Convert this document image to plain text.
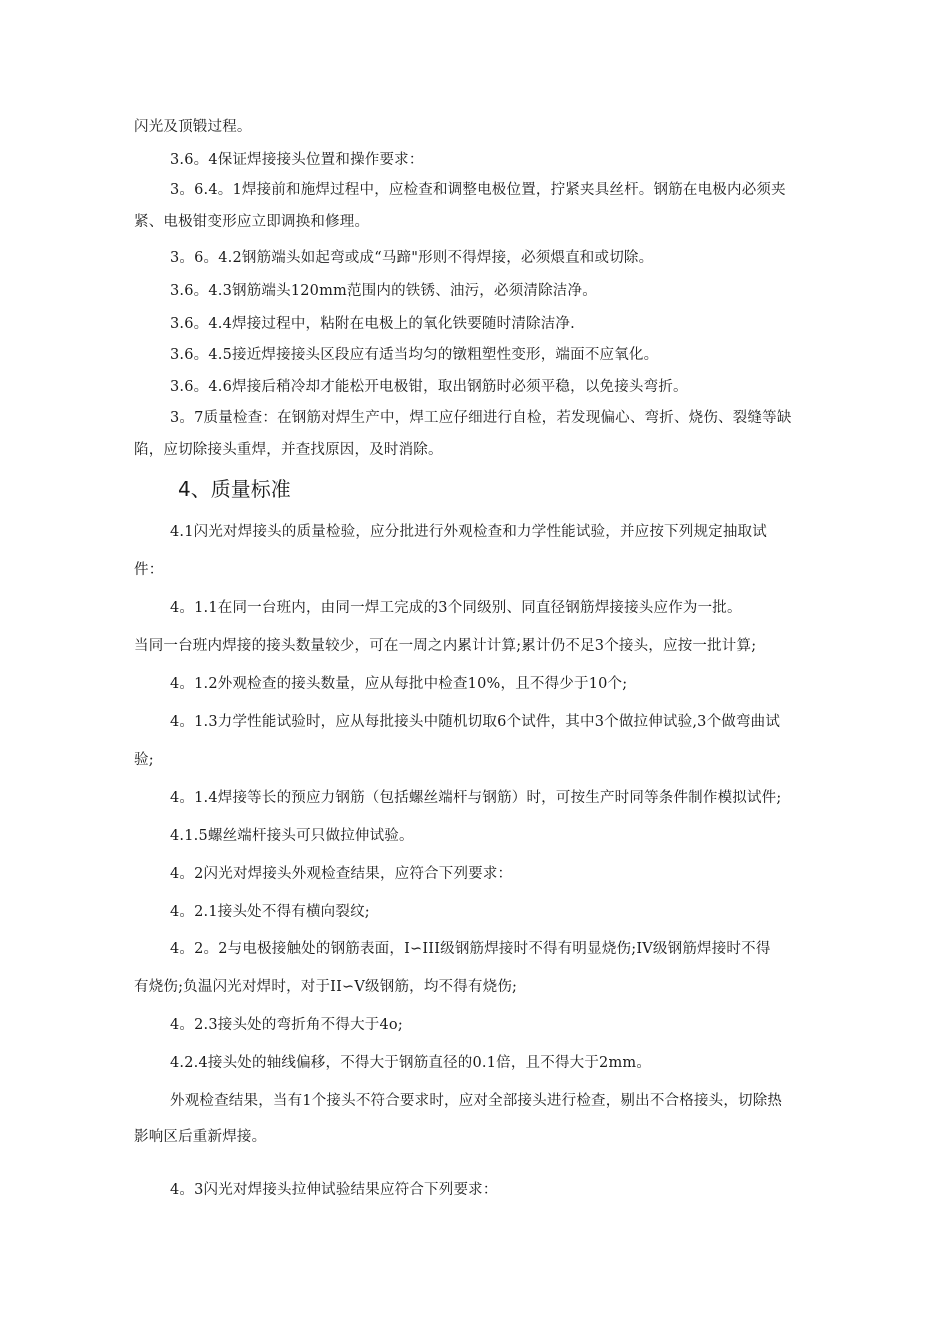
闪光及顶锻过程。
3.6。4保证焊接接头位置和操作要求：
3。6.4。1焊接前和施焊过程中，应检查和调整电极位置，拧紧夹具丝杆。钢筋在电极内必须夹
紧、电极钳变形应立即调换和修理。
3。6。4.2钢筋端头如起弯或成“马蹄"形则不得焊接，必须煨直和或切除。
3.6。4.3钢筋端头120mm范围内的铁锈、油污，必须清除洁净。
3.6。4.4焊接过程中，粘附在电极上的氧化铁要随时清除洁净.
3.6。4.5接近焊接接头区段应有适当均匀的镦粗塑性变形，端面不应氧化。
3.6。4.6焊接后稍冷却才能松开电极钳，取出钢筋时必须平稳，以免接头弯折。
3。7质量检查：在钢筋对焊生产中，焊工应仔细进行自检，若发现偏心、弯折、烧伤、裂缝等缺
陷，应切除接头重焊，并查找原因，及时消除。
4、质量标准
4.1闪光对焊接头的质量检验，应分批进行外观检查和力学性能试验，并应按下列规定抽取试
件：
4。1.1在同一台班内，由同一焊工完成的3个同级别、同直径钢筋焊接接头应作为一批。
当同一台班内焊接的接头数量较少，可在一周之内累计计算;累计仍不足3个接头，应按一批计算;
4。1.2外观检查的接头数量，应从每批中检查10%，且不得少于10个;
4。1.3力学性能试验时，应从每批接头中随机切取6个试件，其中3个做拉伸试验,3个做弯曲试
验;
4。1.4焊接等长的预应力钢筋（包括螺丝端杆与钢筋）时，可按生产时同等条件制作模拟试件;
4.1.5螺丝端杆接头可只做拉伸试验。
4。2闪光对焊接头外观检查结果，应符合下列要求：
4。2.1接头处不得有横向裂纹;
4。2。2与电极接触处的钢筋表面，I∽III级钢筋焊接时不得有明显烧伤;IV级钢筋焊接时不得
有烧伤;负温闪光对焊时，对于II∽V级钢筋，均不得有烧伤;
4。2.3接头处的弯折角不得大于4o;
4.2.4接头处的轴线偏移，不得大于钢筋直径的0.1倍，且不得大于2mm。
外观检查结果，当有1个接头不符合要求时，应对全部接头进行检查，剔出不合格接头，切除热
影响区后重新焊接。
4。3闪光对焊接头拉伸试验结果应符合下列要求：
